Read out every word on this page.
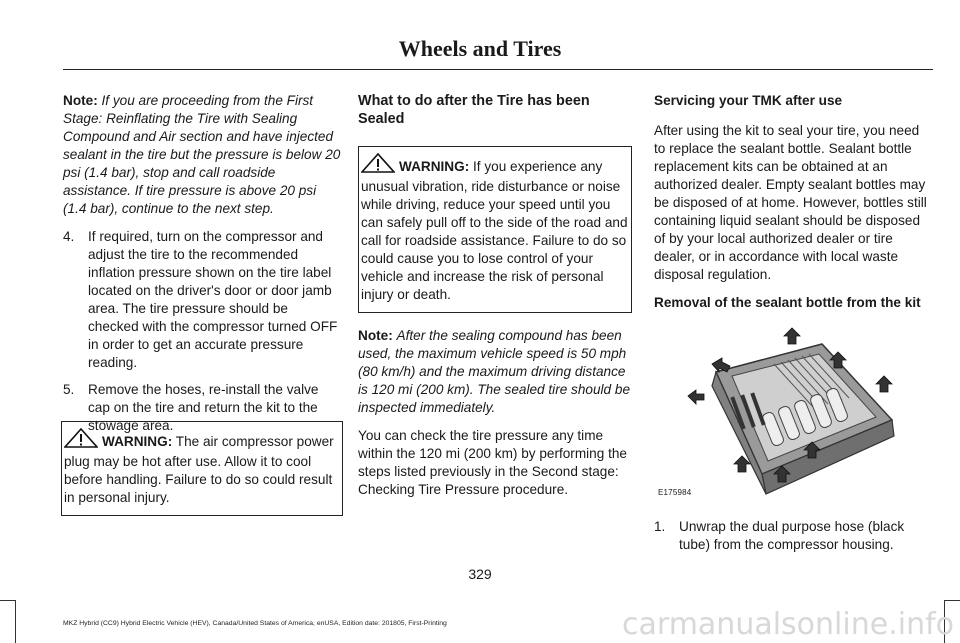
Wheels and Tires

Note: If you are proceeding from the First Stage: Reinflating the Tire with Sealing Compound and Air section and have injected sealant in the tire but the pressure is below 20 psi (1.4 bar), stop and call roadside assistance. If tire pressure is above 20 psi (1.4 bar), continue to the next step.

4. If required, turn on the compressor and adjust the tire to the recommended inflation pressure shown on the tire label located on the driver's door or door jamb area. The tire pressure should be checked with the compressor turned OFF in order to get an accurate pressure reading.
5. Remove the hoses, re-install the valve cap on the tire and return the kit to the stowage area.
WARNING: The air compressor power plug may be hot after use. Allow it to cool before handling. Failure to do so could result in personal injury.
What to do after the Tire has been Sealed
WARNING: If you experience any unusual vibration, ride disturbance or noise while driving, reduce your speed until you can safely pull off to the side of the road and call for roadside assistance. Failure to do so could cause you to lose control of your vehicle and increase the risk of personal injury or death.

Note: After the sealing compound has been used, the maximum vehicle speed is 50 mph (80 km/h) and the maximum driving distance is 120 mi (200 km). The sealed tire should be inspected immediately.

You can check the tire pressure any time within the 120 mi (200 km) by performing the steps listed previously in the Second stage: Checking Tire Pressure procedure.

Servicing your TMK after use

After using the kit to seal your tire, you need to replace the sealant bottle. Sealant bottle replacement kits can be obtained at an authorized dealer. Empty sealant bottles may be disposed of at home. However, bottles still containing liquid sealant should be disposed of by your local authorized dealer or tire dealer, or in accordance with local waste disposal regulation.

Removal of the sealant bottle from the kit
E175984
1. Unwrap the dual purpose hose (black tube) from the compressor housing.
329
MKZ Hybrid (CC9) Hybrid Electric Vehicle (HEV), Canada/United States of America, enUSA, Edition date: 201805, First-Printing	carmanualsonline.info
